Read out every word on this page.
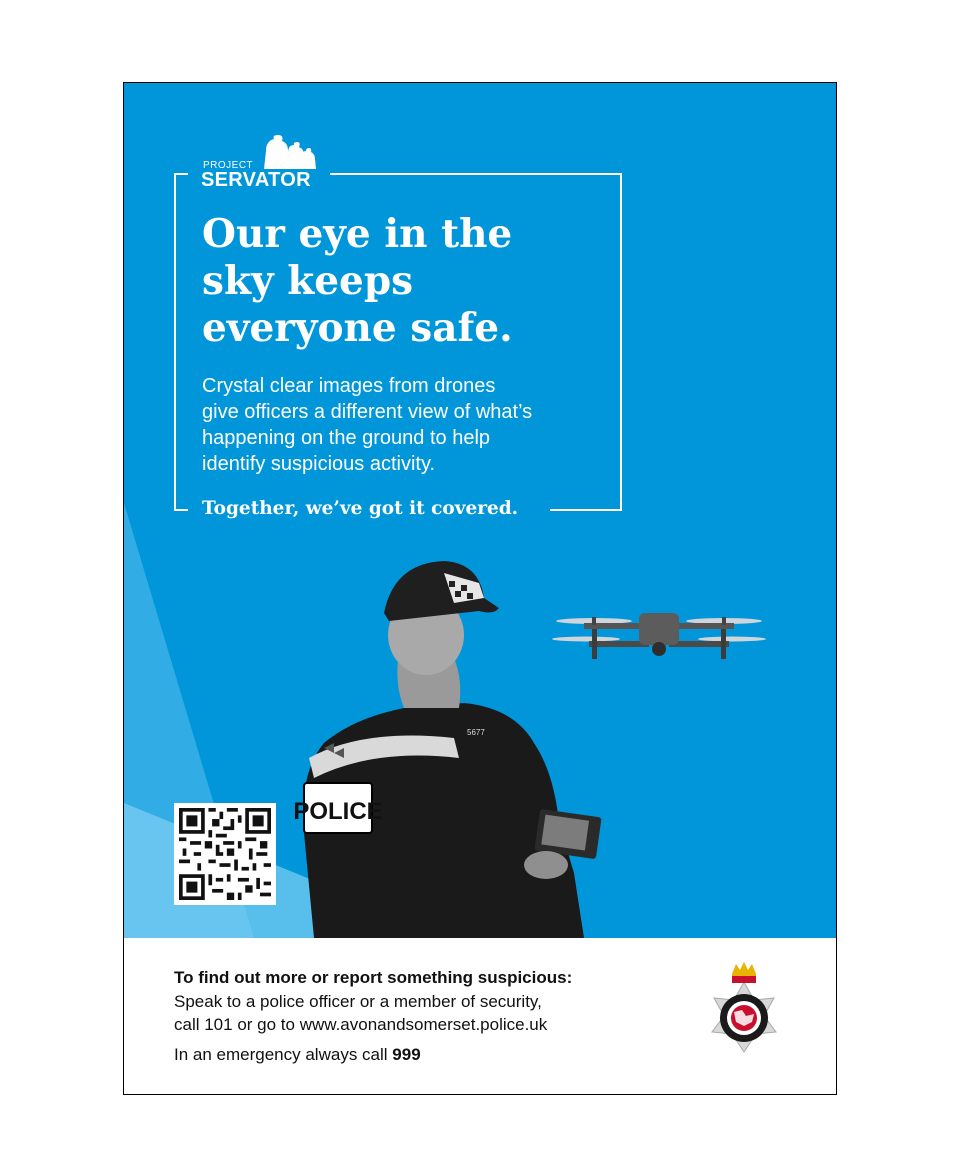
PROJECT
SERVATOR
Our eye in the
sky keeps
everyone safe.

Crystal clear images from drones
give officers a different view of what’s
happening on the ground to help
identify suspicious activity.

Together, we’ve got it covered.

POLICE
5677

To find out more or report something suspicious:

Speak to a police officer or a member of security,

call 101 or go to www.avonandsomerset.police.uk

In an emergency always call 999
